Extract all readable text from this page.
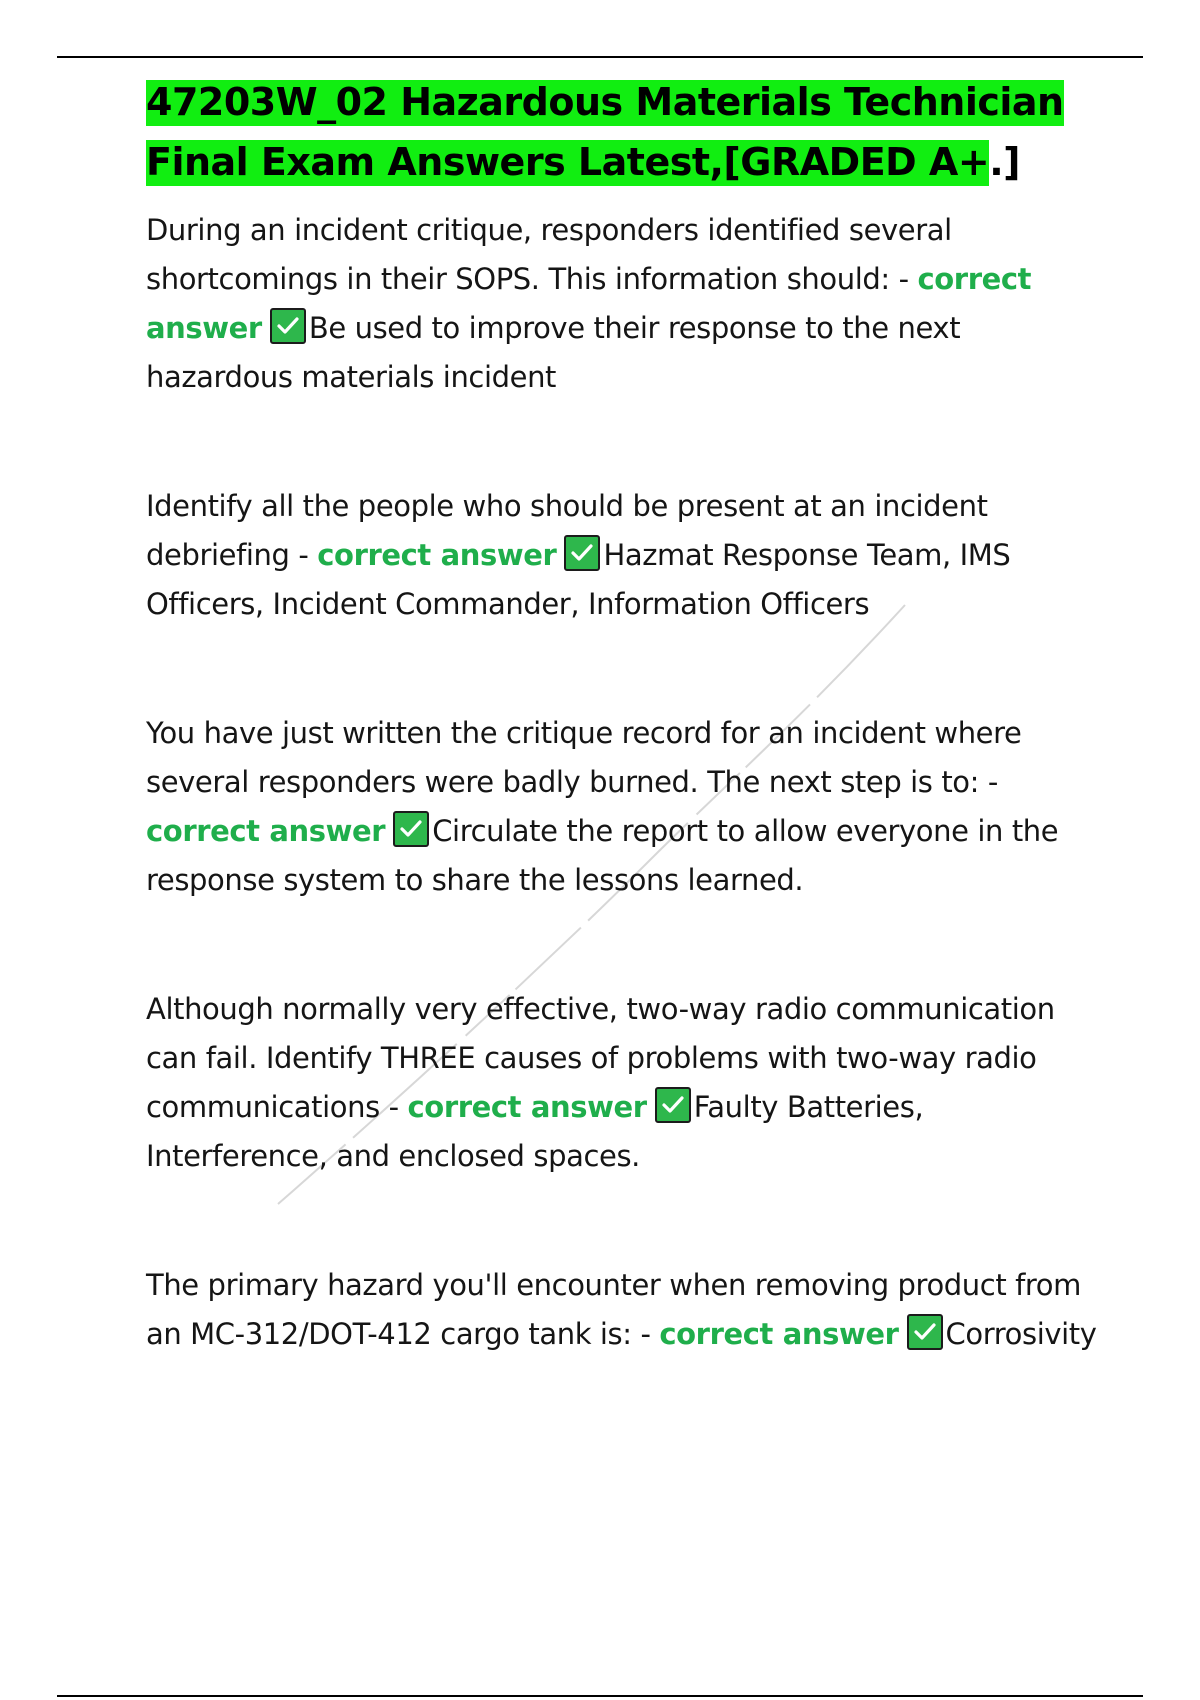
47203W_02 Hazardous Materials Technician Final Exam Answers Latest,[GRADED A+.]

During an incident critique, responders identified several shortcomings in their SOPS. This information should: - correct answer Be used to improve their response to the next hazardous materials incident

Identify all the people who should be present at an incident debriefing - correct answer Hazmat Response Team, IMS Officers, Incident Commander, Information Officers

You have just written the critique record for an incident where several responders were badly burned. The next step is to: - correct answer Circulate the report to allow everyone in the response system to share the lessons learned.

Although normally very effective, two-way radio communication can fail. Identify THREE causes of problems with two-way radio communications - correct answer Faulty Batteries, Interference, and enclosed spaces.

The primary hazard you'll encounter when removing product from an MC-312/DOT-412 cargo tank is: - correct answer Corrosivity
